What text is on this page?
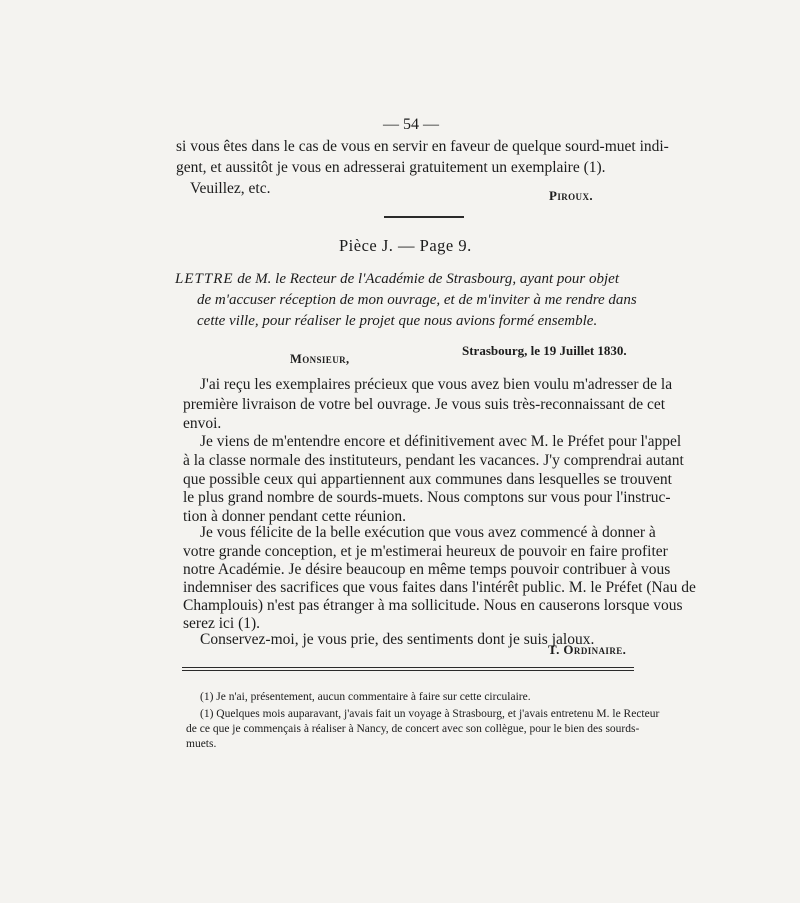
— 54 —
si vous êtes dans le cas de vous en servir en faveur de quelque sourd-muet indi-
gent, et aussitôt je vous en adresserai gratuitement un exemplaire (1).
Veuillez, etc.	Piroux.
Pièce J. — Page 9.
LETTRE de M. le Recteur de l'Académie de Strasbourg, ayant pour objet
de m'accuser réception de mon ouvrage, et de m'inviter à me rendre dans
cette ville, pour réaliser le projet que nous avions formé ensemble.
Strasbourg, le 19 Juillet 1830.
Monsieur,
J'ai reçu les exemplaires précieux que vous avez bien voulu m'adresser de la
première livraison de votre bel ouvrage. Je vous suis très-reconnaissant de cet
envoi.
Je viens de m'entendre encore et définitivement avec M. le Préfet pour l'appel
à la classe normale des instituteurs, pendant les vacances. J'y comprendrai autant
que possible ceux qui appartiennent aux communes dans lesquelles se trouvent
le plus grand nombre de sourds-muets. Nous comptons sur vous pour l'instruc-
tion à donner pendant cette réunion.
Je vous félicite de la belle exécution que vous avez commencé à donner à
votre grande conception, et je m'estimerai heureux de pouvoir en faire profiter
notre Académie. Je désire beaucoup en même temps pouvoir contribuer à vous
indemniser des sacrifices que vous faites dans l'intérêt public. M. le Préfet (Nau de
Champlouis) n'est pas étranger à ma sollicitude. Nous en causerons lorsque vous
serez ici (1).
Conservez-moi, je vous prie, des sentiments dont je suis jaloux.
T. Ordinaire.
(1) Je n'ai, présentement, aucun commentaire à faire sur cette circulaire.
(1) Quelques mois auparavant, j'avais fait un voyage à Strasbourg, et j'avais entretenu M. le Recteur
de ce que je commençais à réaliser à Nancy, de concert avec son collègue, pour le bien des sourds-
muets.
